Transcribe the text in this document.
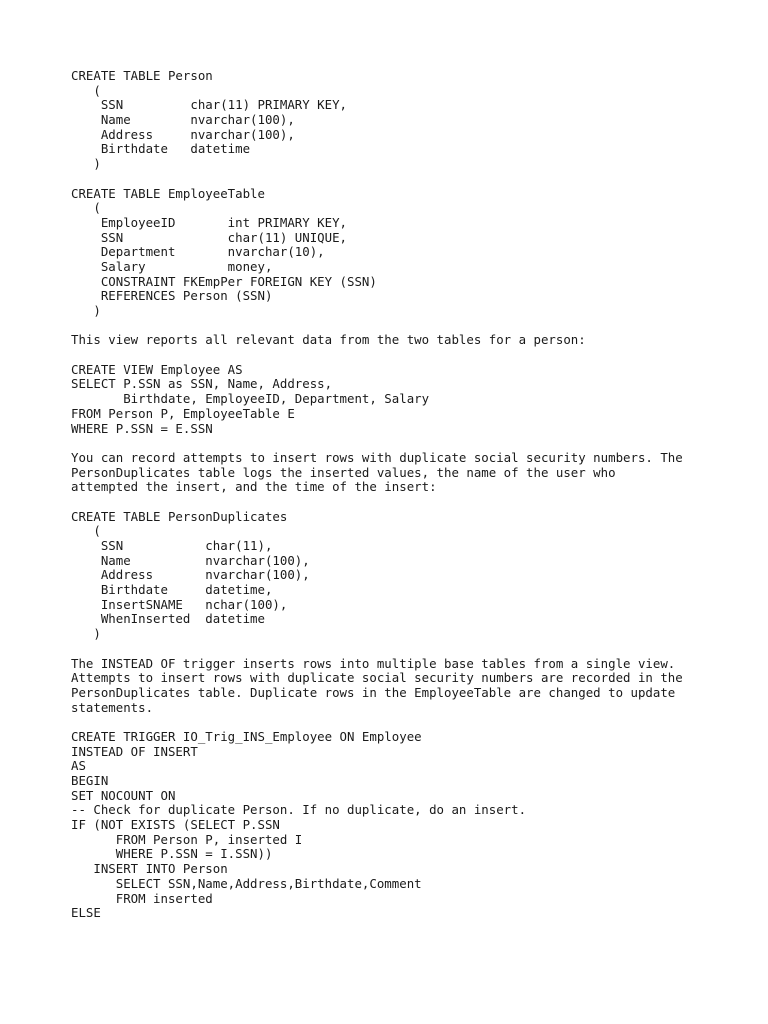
CREATE TABLE Person
(
SSN         char(11) PRIMARY KEY,
Name        nvarchar(100),
Address     nvarchar(100),
Birthdate   datetime
)
CREATE TABLE EmployeeTable
(
EmployeeID       int PRIMARY KEY,
SSN              char(11) UNIQUE,
Department       nvarchar(10),
Salary           money,
CONSTRAINT FKEmpPer FOREIGN KEY (SSN)
REFERENCES Person (SSN)
)
This view reports all relevant data from the two tables for a person:
CREATE VIEW Employee AS
SELECT P.SSN as SSN, Name, Address,
Birthdate, EmployeeID, Department, Salary
FROM Person P, EmployeeTable E
WHERE P.SSN = E.SSN
You can record attempts to insert rows with duplicate social security numbers. The
PersonDuplicates table logs the inserted values, the name of the user who
attempted the insert, and the time of the insert:
CREATE TABLE PersonDuplicates
(
SSN           char(11),
Name          nvarchar(100),
Address       nvarchar(100),
Birthdate     datetime,
InsertSNAME   nchar(100),
WhenInserted  datetime
)
The INSTEAD OF trigger inserts rows into multiple base tables from a single view.
Attempts to insert rows with duplicate social security numbers are recorded in the
PersonDuplicates table. Duplicate rows in the EmployeeTable are changed to update
statements.
CREATE TRIGGER IO_Trig_INS_Employee ON Employee
INSTEAD OF INSERT
AS
BEGIN
SET NOCOUNT ON
-- Check for duplicate Person. If no duplicate, do an insert.
IF (NOT EXISTS (SELECT P.SSN
FROM Person P, inserted I
WHERE P.SSN = I.SSN))
INSERT INTO Person
SELECT SSN,Name,Address,Birthdate,Comment
FROM inserted
ELSE
